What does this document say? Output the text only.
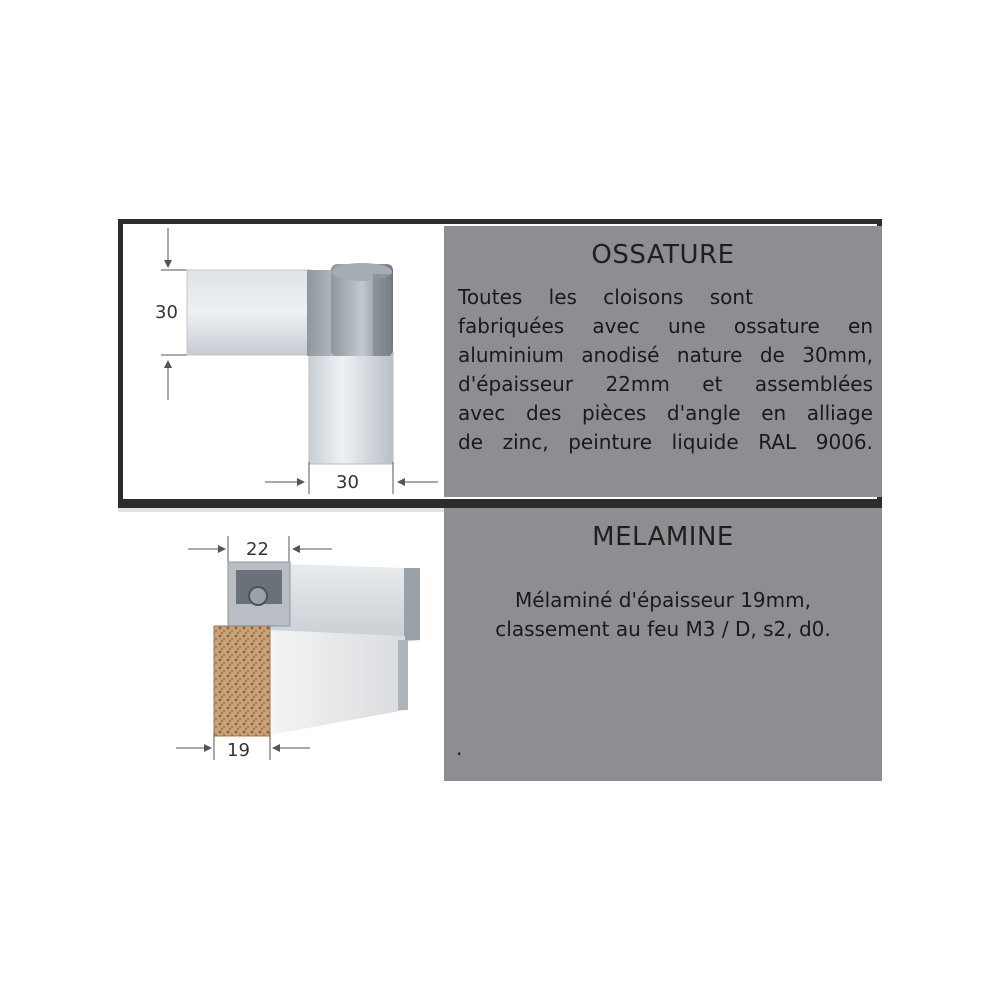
30
30
OSSATURE
Toutes les cloisons sont
fabriquées avec une ossature en
aluminium anodisé nature de 30mm,
d'épaisseur 22mm et assemblées
avec des pièces d'angle en alliage
de zinc, peinture liquide RAL 9006.
22
19
MELAMINE
Mélaminé d'épaisseur 19mm,
classement au feu M3 / D, s2, d0.
.
